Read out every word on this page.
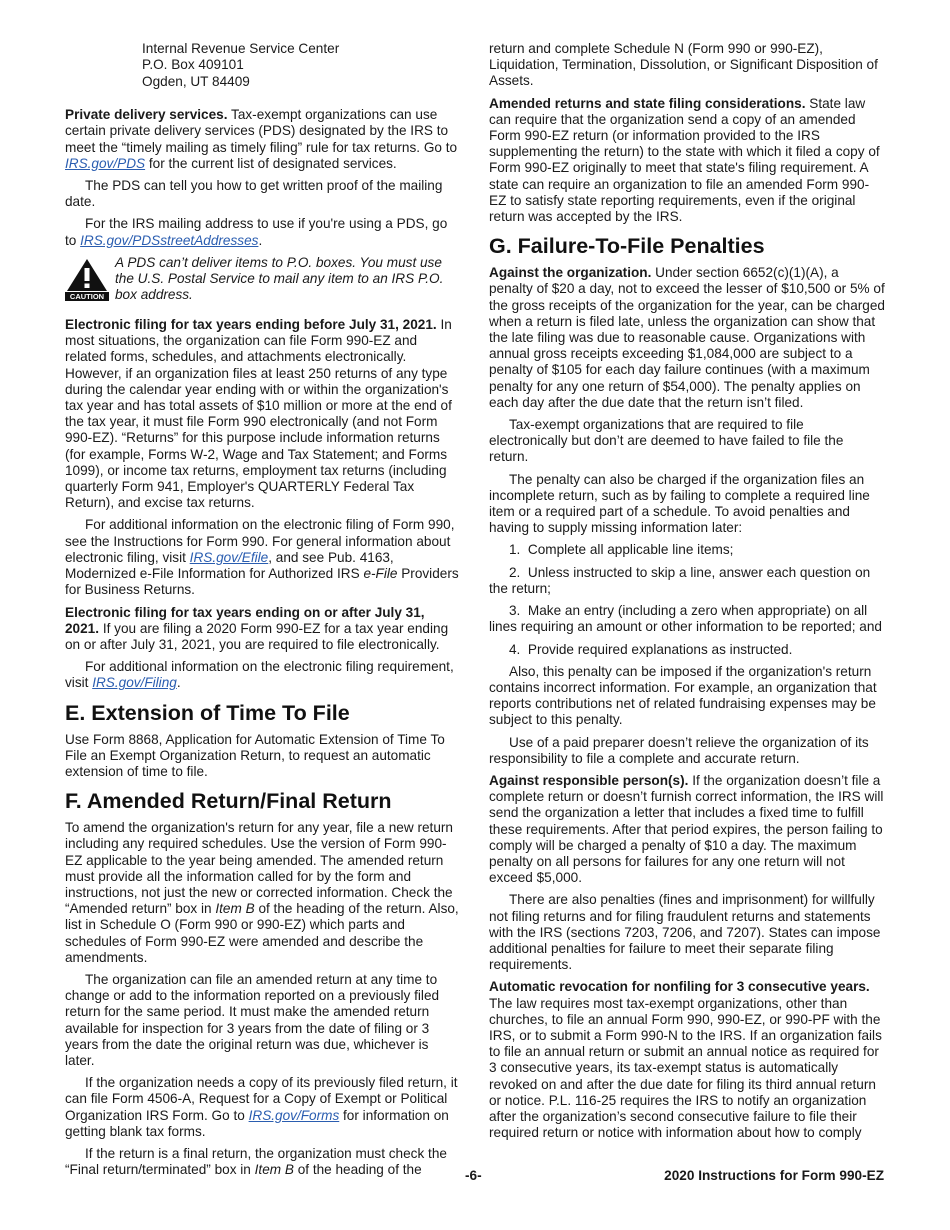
Internal Revenue Service Center
P.O. Box 409101
Ogden, UT 84409

Private delivery services. Tax-exempt organizations can use certain private delivery services (PDS) designated by the IRS to meet the “timely mailing as timely filing” rule for tax returns. Go to IRS.gov/PDS for the current list of designated services.

The PDS can tell you how to get written proof of the mailing date.

For the IRS mailing address to use if you're using a PDS, go to IRS.gov/PDSstreetAddresses.

CAUTION
A PDS can’t deliver items to P.O. boxes. You must use the U.S. Postal Service to mail any item to an IRS P.O. box address.

Electronic filing for tax years ending before July 31, 2021. In most situations, the organization can file Form 990-EZ and related forms, schedules, and attachments electronically. However, if an organization files at least 250 returns of any type during the calendar year ending with or within the organization's tax year and has total assets of $10 million or more at the end of the tax year, it must file Form 990 electronically (and not Form 990-EZ). “Returns” for this purpose include information returns (for example, Forms W-2, Wage and Tax Statement; and Forms 1099), or income tax returns, employment tax returns (including quarterly Form 941, Employer's QUARTERLY Federal Tax Return), and excise tax returns.

For additional information on the electronic filing of Form 990, see the Instructions for Form 990. For general information about electronic filing, visit IRS.gov/Efile, and see Pub. 4163, Modernized e-File Information for Authorized IRS e-File Providers for Business Returns.

Electronic filing for tax years ending on or after July 31, 2021. If you are filing a 2020 Form 990-EZ for a tax year ending on or after July 31, 2021, you are required to file electronically.

For additional information on the electronic filing requirement, visit IRS.gov/Filing.

E. Extension of Time To File

Use Form 8868, Application for Automatic Extension of Time To File an Exempt Organization Return, to request an automatic extension of time to file.

F. Amended Return/Final Return

To amend the organization's return for any year, file a new return including any required schedules. Use the version of Form 990-EZ applicable to the year being amended. The amended return must provide all the information called for by the form and instructions, not just the new or corrected information. Check the “Amended return” box in Item B of the heading of the return. Also, list in Schedule O (Form 990 or 990-EZ) which parts and schedules of Form 990-EZ were amended and describe the amendments.

The organization can file an amended return at any time to change or add to the information reported on a previously filed return for the same period. It must make the amended return available for inspection for 3 years from the date of filing or 3 years from the date the original return was due, whichever is later.

If the organization needs a copy of its previously filed return, it can file Form 4506-A, Request for a Copy of Exempt or Political Organization IRS Form. Go to IRS.gov/Forms for information on getting blank tax forms.

If the return is a final return, the organization must check the “Final return/terminated” box in Item B of the heading of the

return and complete Schedule N (Form 990 or 990-EZ), Liquidation, Termination, Dissolution, or Significant Disposition of Assets.

Amended returns and state filing considerations. State law can require that the organization send a copy of an amended Form 990-EZ return (or information provided to the IRS supplementing the return) to the state with which it filed a copy of Form 990-EZ originally to meet that state's filing requirement. A state can require an organization to file an amended Form 990-EZ to satisfy state reporting requirements, even if the original return was accepted by the IRS.

G. Failure-To-File Penalties

Against the organization. Under section 6652(c)(1)(A), a penalty of $20 a day, not to exceed the lesser of $10,500 or 5% of the gross receipts of the organization for the year, can be charged when a return is filed late, unless the organization can show that the late filing was due to reasonable cause. Organizations with annual gross receipts exceeding $1,084,000 are subject to a penalty of $105 for each day failure continues (with a maximum penalty for any one return of $54,000). The penalty applies on each day after the due date that the return isn’t filed.

Tax-exempt organizations that are required to file electronically but don’t are deemed to have failed to file the return.

The penalty can also be charged if the organization files an incomplete return, such as by failing to complete a required line item or a required part of a schedule. To avoid penalties and having to supply missing information later:

1. Complete all applicable line items;

2. Unless instructed to skip a line, answer each question on the return;

3. Make an entry (including a zero when appropriate) on all lines requiring an amount or other information to be reported; and

4. Provide required explanations as instructed.

Also, this penalty can be imposed if the organization's return contains incorrect information. For example, an organization that reports contributions net of related fundraising expenses may be subject to this penalty.

Use of a paid preparer doesn’t relieve the organization of its responsibility to file a complete and accurate return.

Against responsible person(s). If the organization doesn’t file a complete return or doesn’t furnish correct information, the IRS will send the organization a letter that includes a fixed time to fulfill these requirements. After that period expires, the person failing to comply will be charged a penalty of $10 a day. The maximum penalty on all persons for failures for any one return will not exceed $5,000.

There are also penalties (fines and imprisonment) for willfully not filing returns and for filing fraudulent returns and statements with the IRS (sections 7203, 7206, and 7207). States can impose additional penalties for failure to meet their separate filing requirements.

Automatic revocation for nonfiling for 3 consecutive years. The law requires most tax-exempt organizations, other than churches, to file an annual Form 990, 990-EZ, or 990-PF with the IRS, or to submit a Form 990-N to the IRS. If an organization fails to file an annual return or submit an annual notice as required for 3 consecutive years, its tax-exempt status is automatically revoked on and after the due date for filing its third annual return or notice. P.L. 116-25 requires the IRS to notify an organization after the organization’s second consecutive failure to file their required return or notice with information about how to comply

-6-	2020 Instructions for Form 990-EZ
